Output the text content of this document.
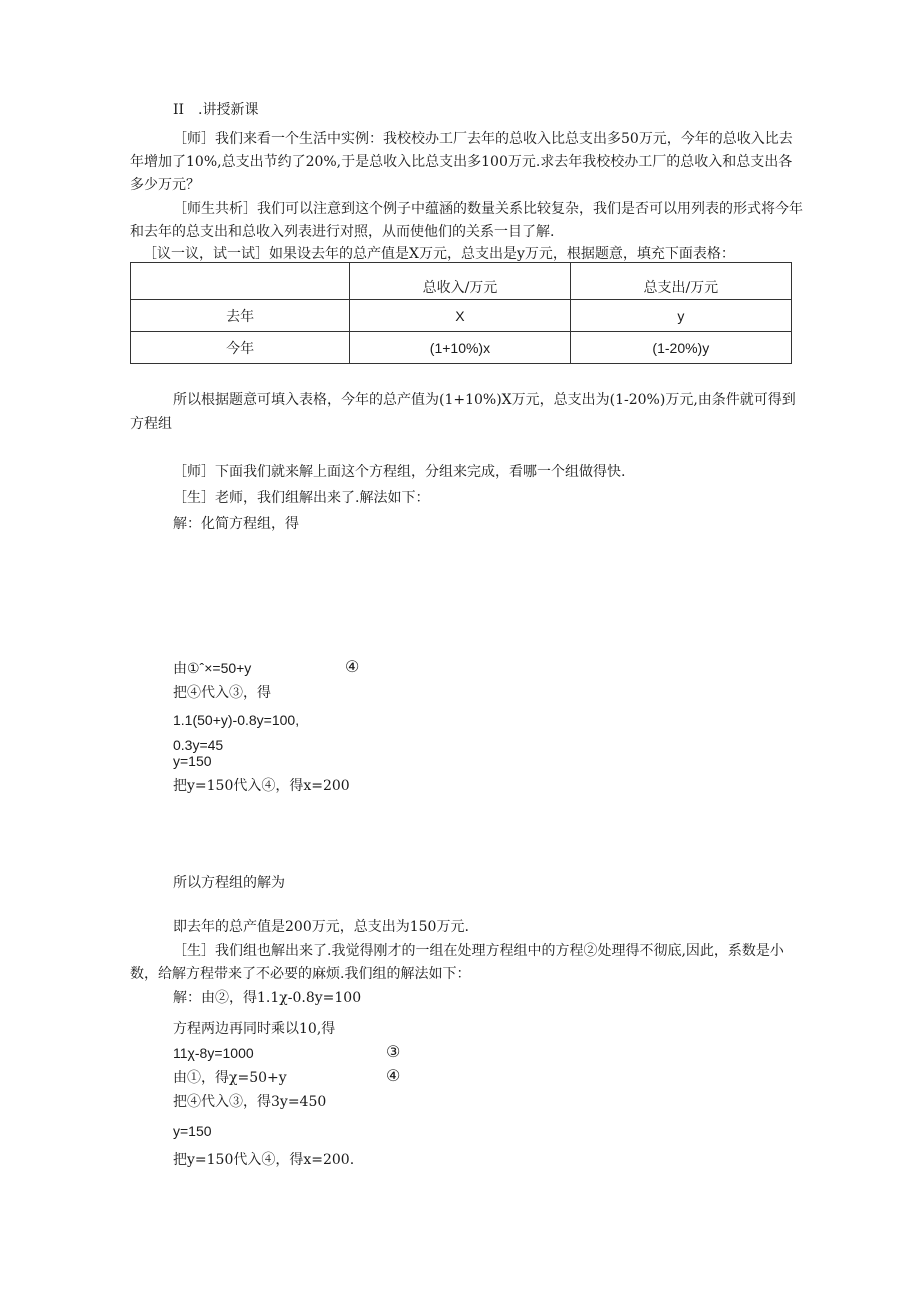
II　.讲授新课
［师］我们来看一个生活中实例：我校校办工厂去年的总收入比总支出多50万元，今年的总收入比去
年增加了10%,总支出节约了20%,于是总收入比总支出多100万元.求去年我校校办工厂的总收入和总支出各
多少万元？
［师生共析］我们可以注意到这个例子中蕴涵的数量关系比较复杂，我们是否可以用列表的形式将今年
和去年的总支出和总收入列表进行对照，从而使他们的关系一目了解.
［议一议，试一试］如果设去年的总产值是X万元，总支出是y万元，根据题意，填充下面表格：
	总收入/万元	总支出/万元
去年	X	y
今年	(1+10%)x	(1-20%)y
所以根据题意可填入表格，今年的总产值为(1+10%)X万元，总支出为(1-20%)万元,由条件就可得到
方程组
［师］下面我们就来解上面这个方程组，分组来完成，看哪一个组做得快.
［生］老师，我们组解出来了.解法如下：
解：化简方程组，得
由①ˆ×=50+y	④
把④代入③，得
1.1(50+y)-0.8y=100,
0.3y=45
y=150
把y=150代入④，得x=200
所以方程组的解为
即去年的总产值是200万元，总支出为150万元.
［生］我们组也解出来了.我觉得刚才的一组在处理方程组中的方程②处理得不彻底,因此，系数是小
数，给解方程带来了不必要的麻烦.我们组的解法如下：
解：由②，得1.1χ-0.8y=100
方程两边再同时乘以10,得
11χ-8y=1000	③
由①，得χ=50+y	④
把④代入③，得3y=450
y=150
把y=150代入④，得x=200.
